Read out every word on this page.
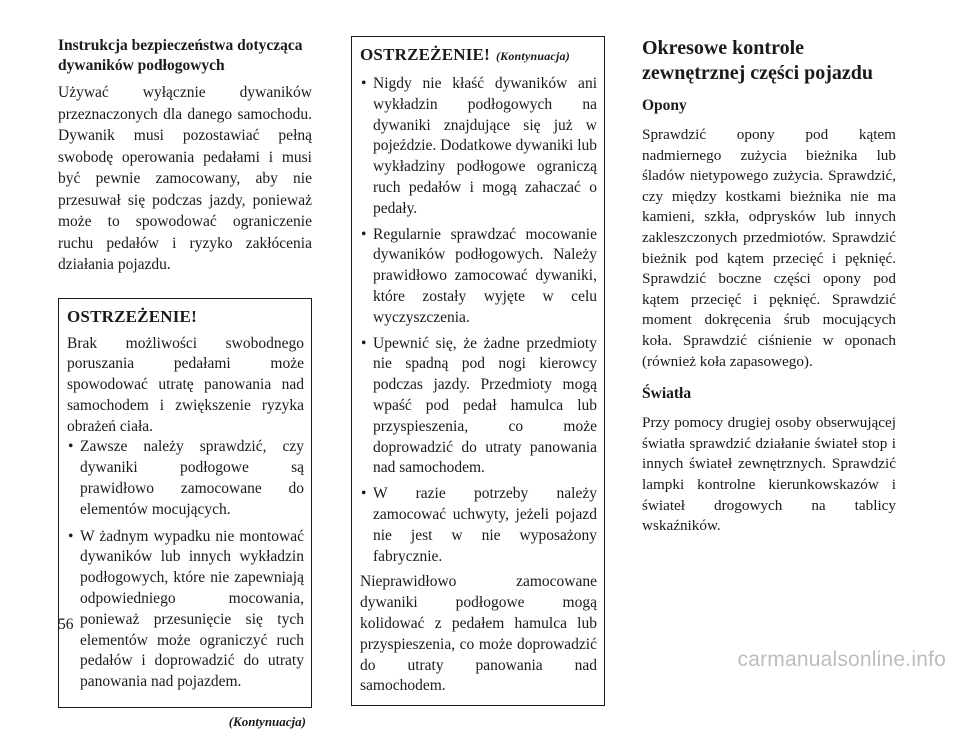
Instrukcja bezpieczeństwa dotycząca dywaników podłogowych

Używać wyłącznie dywaników przeznaczonych dla danego samochodu. Dywanik musi pozostawiać pełną swobodę operowania pedałami i musi być pewnie zamocowany, aby nie przesuwał się podczas jazdy, ponieważ może to spowodować ograniczenie ruchu pedałów i ryzyko zakłócenia działania pojazdu.

OSTRZEŻENIE!

Brak możliwości swobodnego poruszania pedałami może spowodować utratę panowania nad samochodem i zwiększenie ryzyka obrażeń ciała.

• Zawsze należy sprawdzić, czy dywaniki podłogowe są prawidłowo zamocowane do elementów mocujących.
• W żadnym wypadku nie montować dywaników lub innych wykładzin podłogowych, które nie zapewniają odpowiedniego mocowania, ponieważ przesunięcie się tych elementów może ograniczyć ruch pedałów i doprowadzić do utraty panowania nad pojazdem.
(Kontynuacja)

OSTRZEŻENIE! (Kontynuacja)

• Nigdy nie kłaść dywaników ani wykładzin podłogowych na dywaniki znajdujące się już w pojeździe. Dodatkowe dywaniki lub wykładziny podłogowe ograniczą ruch pedałów i mogą zahaczać o pedały.
• Regularnie sprawdzać mocowanie dywaników podłogowych. Należy prawidłowo zamocować dywaniki, które zostały wyjęte w celu wyczyszczenia.
• Upewnić się, że żadne przedmioty nie spadną pod nogi kierowcy podczas jazdy. Przedmioty mogą wpaść pod pedał hamulca lub przyspieszenia, co może doprowadzić do utraty panowania nad samochodem.
• W razie potrzeby należy zamocować uchwyty, jeżeli pojazd nie jest w nie wyposażony fabrycznie.

Nieprawidłowo zamocowane dywaniki podłogowe mogą kolidować z pedałem hamulca lub przyspieszenia, co może doprowadzić do utraty panowania nad samochodem.

Okresowe kontrole zewnętrznej części pojazdu

Opony

Sprawdzić opony pod kątem nadmiernego zużycia bieżnika lub śladów nietypowego zużycia. Sprawdzić, czy między kostkami bieżnika nie ma kamieni, szkła, odprysków lub innych zakleszczonych przedmiotów. Sprawdzić bieżnik pod kątem przecięć i pęknięć. Sprawdzić boczne części opony pod kątem przecięć i pęknięć. Sprawdzić moment dokręcenia śrub mocujących koła. Sprawdzić ciśnienie w oponach (również koła zapasowego).

Światła

Przy pomocy drugiej osoby obserwującej światła sprawdzić działanie świateł stop i innych świateł zewnętrznych. Sprawdzić lampki kontrolne kierunkowskazów i świateł drogowych na tablicy wskaźników.

56
carmanualsonline.info
